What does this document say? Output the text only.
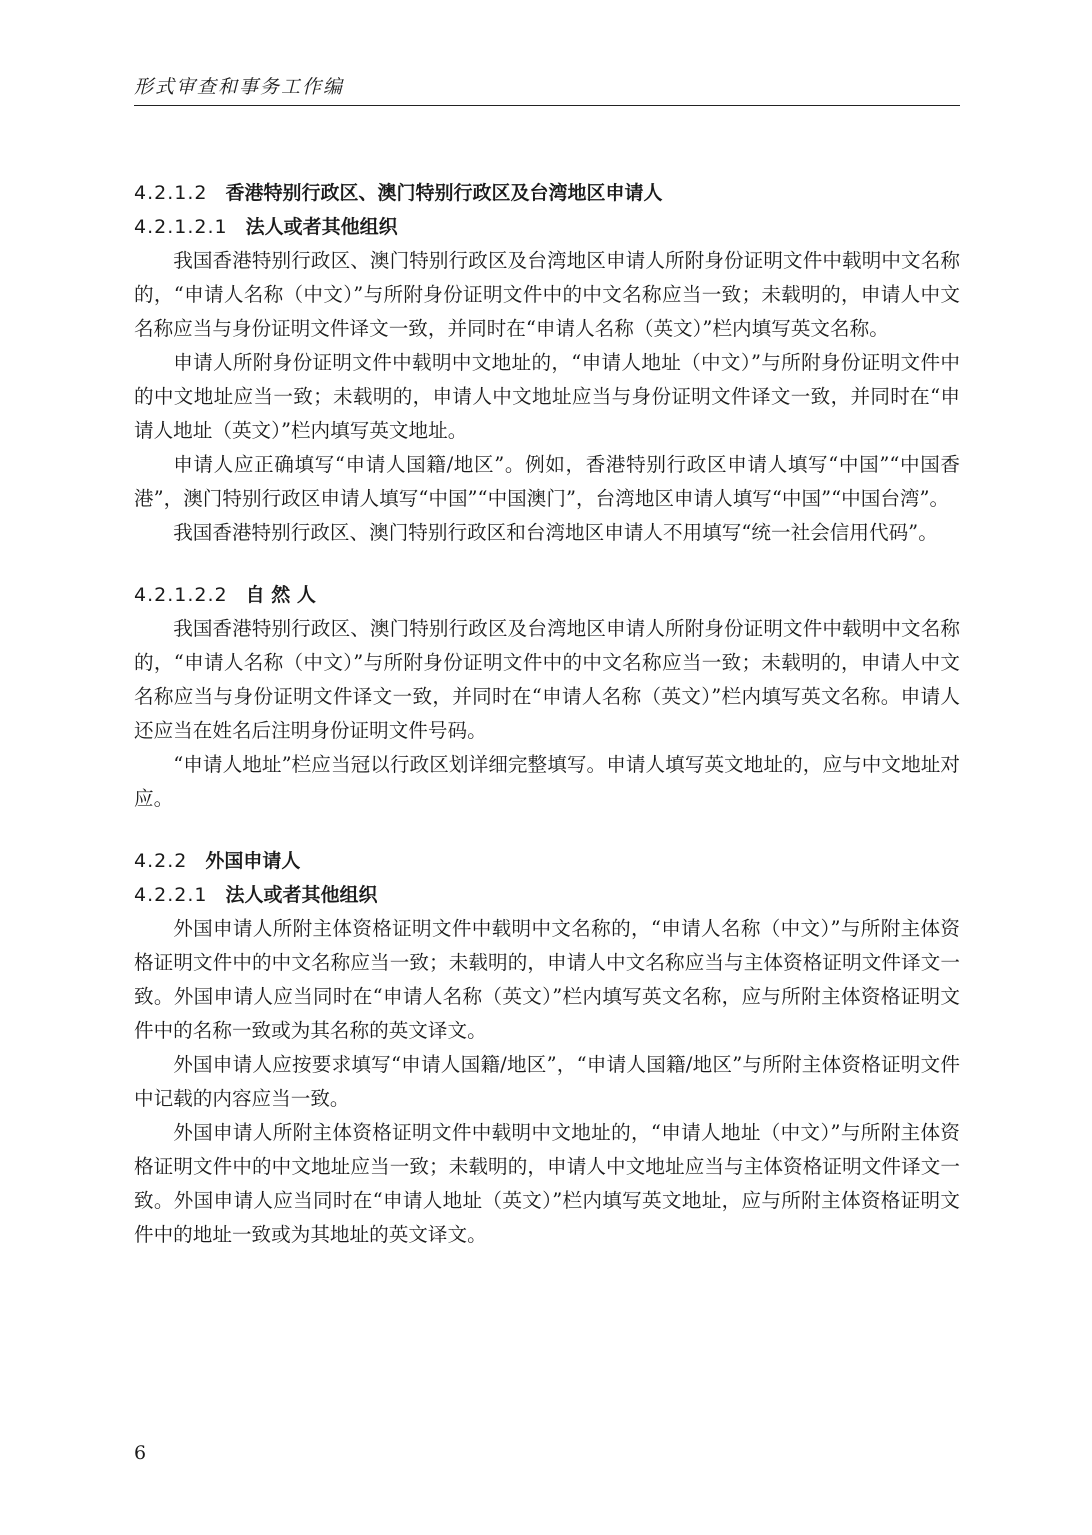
形式审查和事务工作编
4.2.1.2 香港特别行政区、澳门特别行政区及台湾地区申请人
4.2.1.2.1 法人或者其他组织

我国香港特别行政区、澳门特别行政区及台湾地区申请人所附身份证明文件中载明中文名称的，“申请人名称（中文）”与所附身份证明文件中的中文名称应当一致；未载明的，申请人中文名称应当与身份证明文件译文一致，并同时在“申请人名称（英文）”栏内填写英文名称。

申请人所附身份证明文件中载明中文地址的，“申请人地址（中文）”与所附身份证明文件中的中文地址应当一致；未载明的，申请人中文地址应当与身份证明文件译文一致，并同时在“申请人地址（英文）”栏内填写英文地址。

申请人应正确填写“申请人国籍/地区”。例如，香港特别行政区申请人填写“中国”“中国香港”，澳门特别行政区申请人填写“中国”“中国澳门”，台湾地区申请人填写“中国”“中国台湾”。

我国香港特别行政区、澳门特别行政区和台湾地区申请人不用填写“统一社会信用代码”。

4.2.1.2.2 自 然 人

我国香港特别行政区、澳门特别行政区及台湾地区申请人所附身份证明文件中载明中文名称的，“申请人名称（中文）”与所附身份证明文件中的中文名称应当一致；未载明的，申请人中文名称应当与身份证明文件译文一致，并同时在“申请人名称（英文）”栏内填写英文名称。申请人还应当在姓名后注明身份证明文件号码。

“申请人地址”栏应当冠以行政区划详细完整填写。申请人填写英文地址的，应与中文地址对应。

4.2.2 外国申请人
4.2.2.1 法人或者其他组织

外国申请人所附主体资格证明文件中载明中文名称的，“申请人名称（中文）”与所附主体资格证明文件中的中文名称应当一致；未载明的，申请人中文名称应当与主体资格证明文件译文一致。外国申请人应当同时在“申请人名称（英文）”栏内填写英文名称，应与所附主体资格证明文件中的名称一致或为其名称的英文译文。

外国申请人应按要求填写“申请人国籍/地区”，“申请人国籍/地区”与所附主体资格证明文件中记载的内容应当一致。

外国申请人所附主体资格证明文件中载明中文地址的，“申请人地址（中文）”与所附主体资格证明文件中的中文地址应当一致；未载明的，申请人中文地址应当与主体资格证明文件译文一致。外国申请人应当同时在“申请人地址（英文）”栏内填写英文地址，应与所附主体资格证明文件中的地址一致或为其地址的英文译文。

6
